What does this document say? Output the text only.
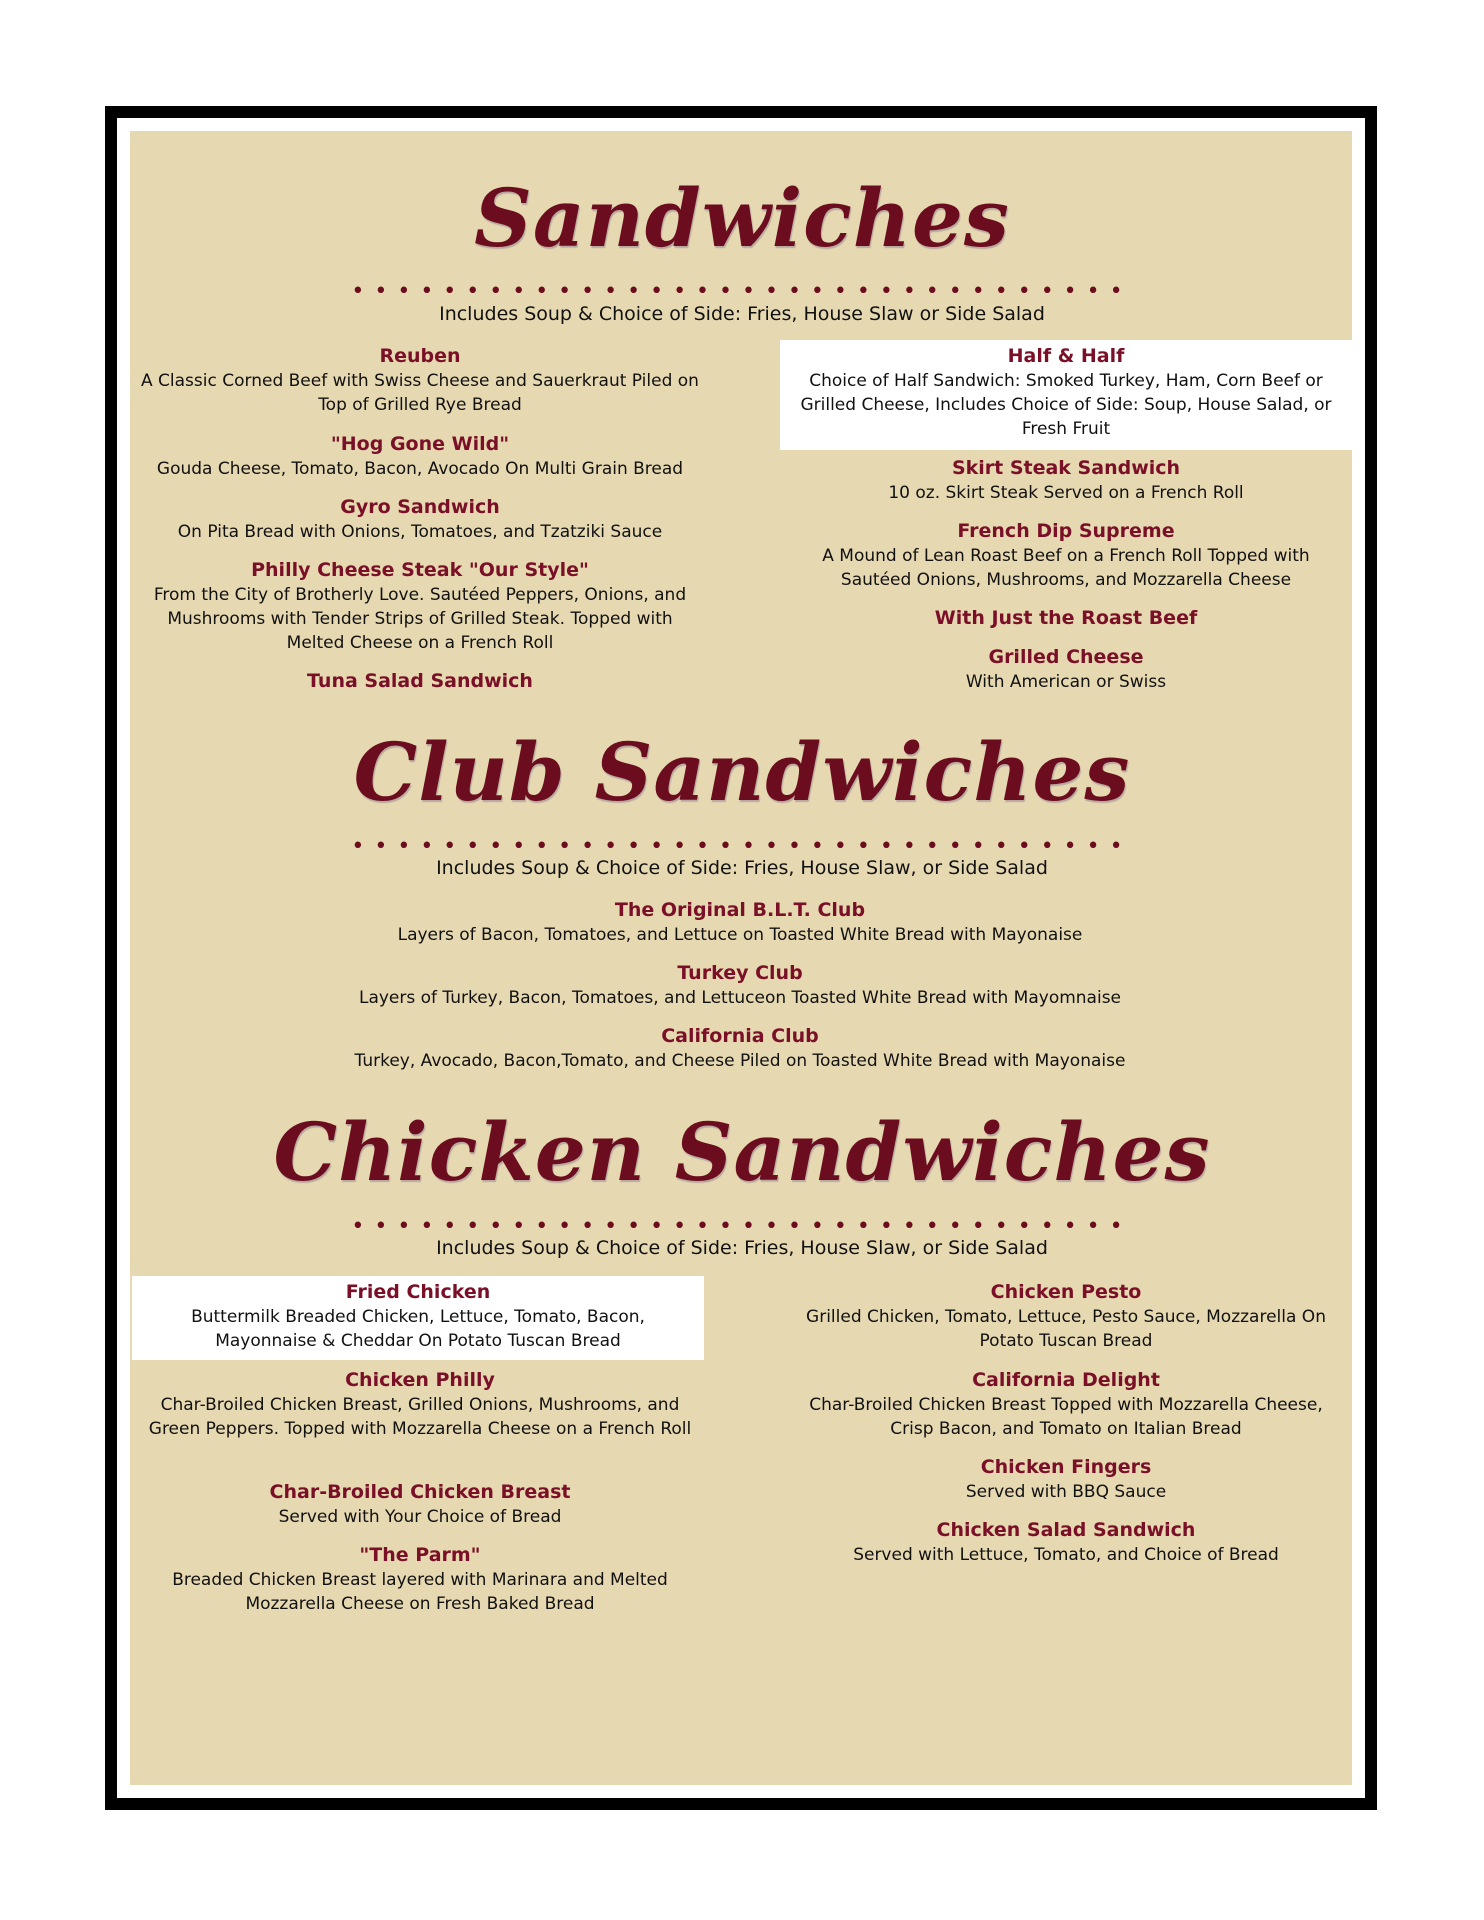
Sandwiches
••••••••••••••••••••••••••••••••••
Includes Soup & Choice of Side: Fries, House Slaw or Side Salad
Reuben
A Classic Corned Beef with Swiss Cheese and Sauerkraut Piled on Top of Grilled Rye Bread
"Hog Gone Wild"
Gouda Cheese, Tomato, Bacon, Avocado On Multi Grain Bread
Gyro Sandwich
On Pita Bread with Onions, Tomatoes, and Tzatziki Sauce
Philly Cheese Steak "Our Style"
From the City of Brotherly Love. Sautéed Peppers, Onions, and Mushrooms with Tender Strips of Grilled Steak. Topped with Melted Cheese on a French Roll
Tuna Salad Sandwich
Half & Half
Choice of Half Sandwich: Smoked Turkey, Ham, Corn Beef or Grilled Cheese, Includes Choice of Side: Soup, House Salad, or Fresh Fruit
Skirt Steak Sandwich
10 oz. Skirt Steak Served on a French Roll
French Dip Supreme
A Mound of Lean Roast Beef on a French Roll Topped with Sautéed Onions, Mushrooms, and Mozzarella Cheese
With Just the Roast Beef
Grilled Cheese
With American or Swiss
Club Sandwiches
••••••••••••••••••••••••••••••••••
Includes Soup & Choice of Side: Fries, House Slaw, or Side Salad
The Original B.L.T. Club
Layers of Bacon, Tomatoes, and Lettuce on Toasted White Bread with Mayonaise
Turkey Club
Layers of Turkey, Bacon, Tomatoes, and Lettuceon Toasted White Bread with Mayomnaise
California Club
Turkey, Avocado, Bacon,Tomato, and Cheese Piled on Toasted White Bread with Mayonaise
Chicken Sandwiches
••••••••••••••••••••••••••••••••••
Includes Soup & Choice of Side: Fries, House Slaw, or Side Salad
Fried Chicken
Buttermilk Breaded Chicken, Lettuce, Tomato, Bacon, Mayonnaise & Cheddar On Potato Tuscan Bread
Chicken Philly
Char-Broiled Chicken Breast, Grilled Onions, Mushrooms, and Green Peppers. Topped with Mozzarella Cheese on a French Roll
Char-Broiled Chicken Breast
Served with Your Choice of Bread
"The Parm"
Breaded Chicken Breast layered with Marinara and Melted Mozzarella Cheese on Fresh Baked Bread
Chicken Pesto
Grilled Chicken, Tomato, Lettuce, Pesto Sauce, Mozzarella On Potato Tuscan Bread
California Delight
Char-Broiled Chicken Breast Topped with Mozzarella Cheese, Crisp Bacon, and Tomato on Italian Bread
Chicken Fingers
Served with BBQ Sauce
Chicken Salad Sandwich
Served with Lettuce, Tomato, and Choice of Bread
